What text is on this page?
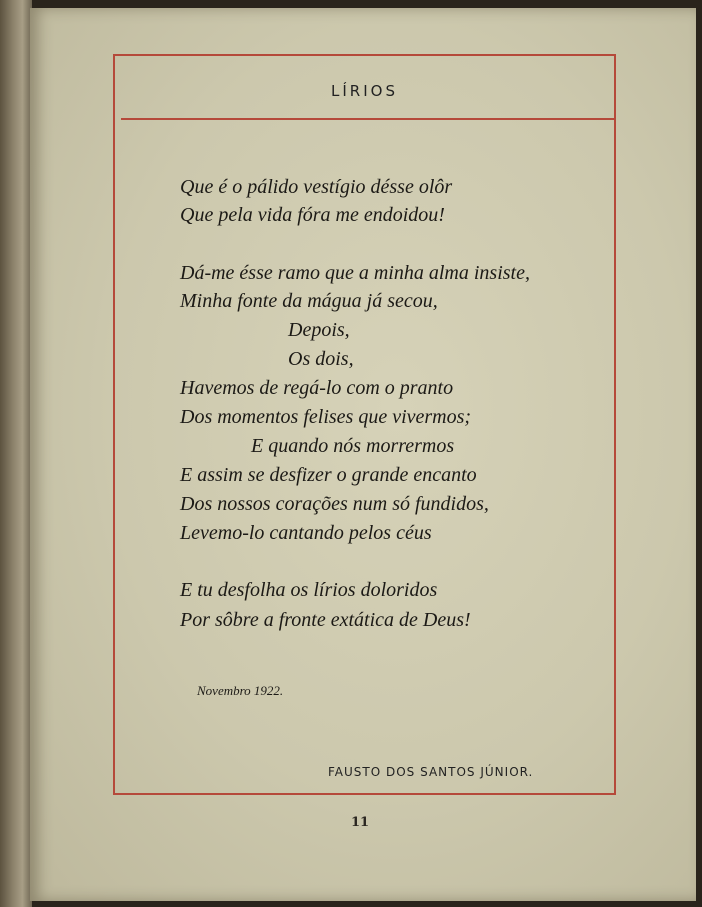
LÍRIOS
Que é o pálido vestígio désse olôr
Que pela vida fóra me endoidou!
Dá-me ésse ramo que a minha alma insiste,
Minha fonte da mágua já secou,
Depois,
Os dois,
Havemos de regá-lo com o pranto
Dos momentos felises que vivermos;
E quando nós morrermos
E assim se desfizer o grande encanto
Dos nossos corações num só fundidos,
Levemo-lo cantando pelos céus
E tu desfolha os lírios doloridos
Por sôbre a fronte extática de Deus!
Novembro 1922.
FAUSTO DOS SANTOS JÚNIOR.
11
